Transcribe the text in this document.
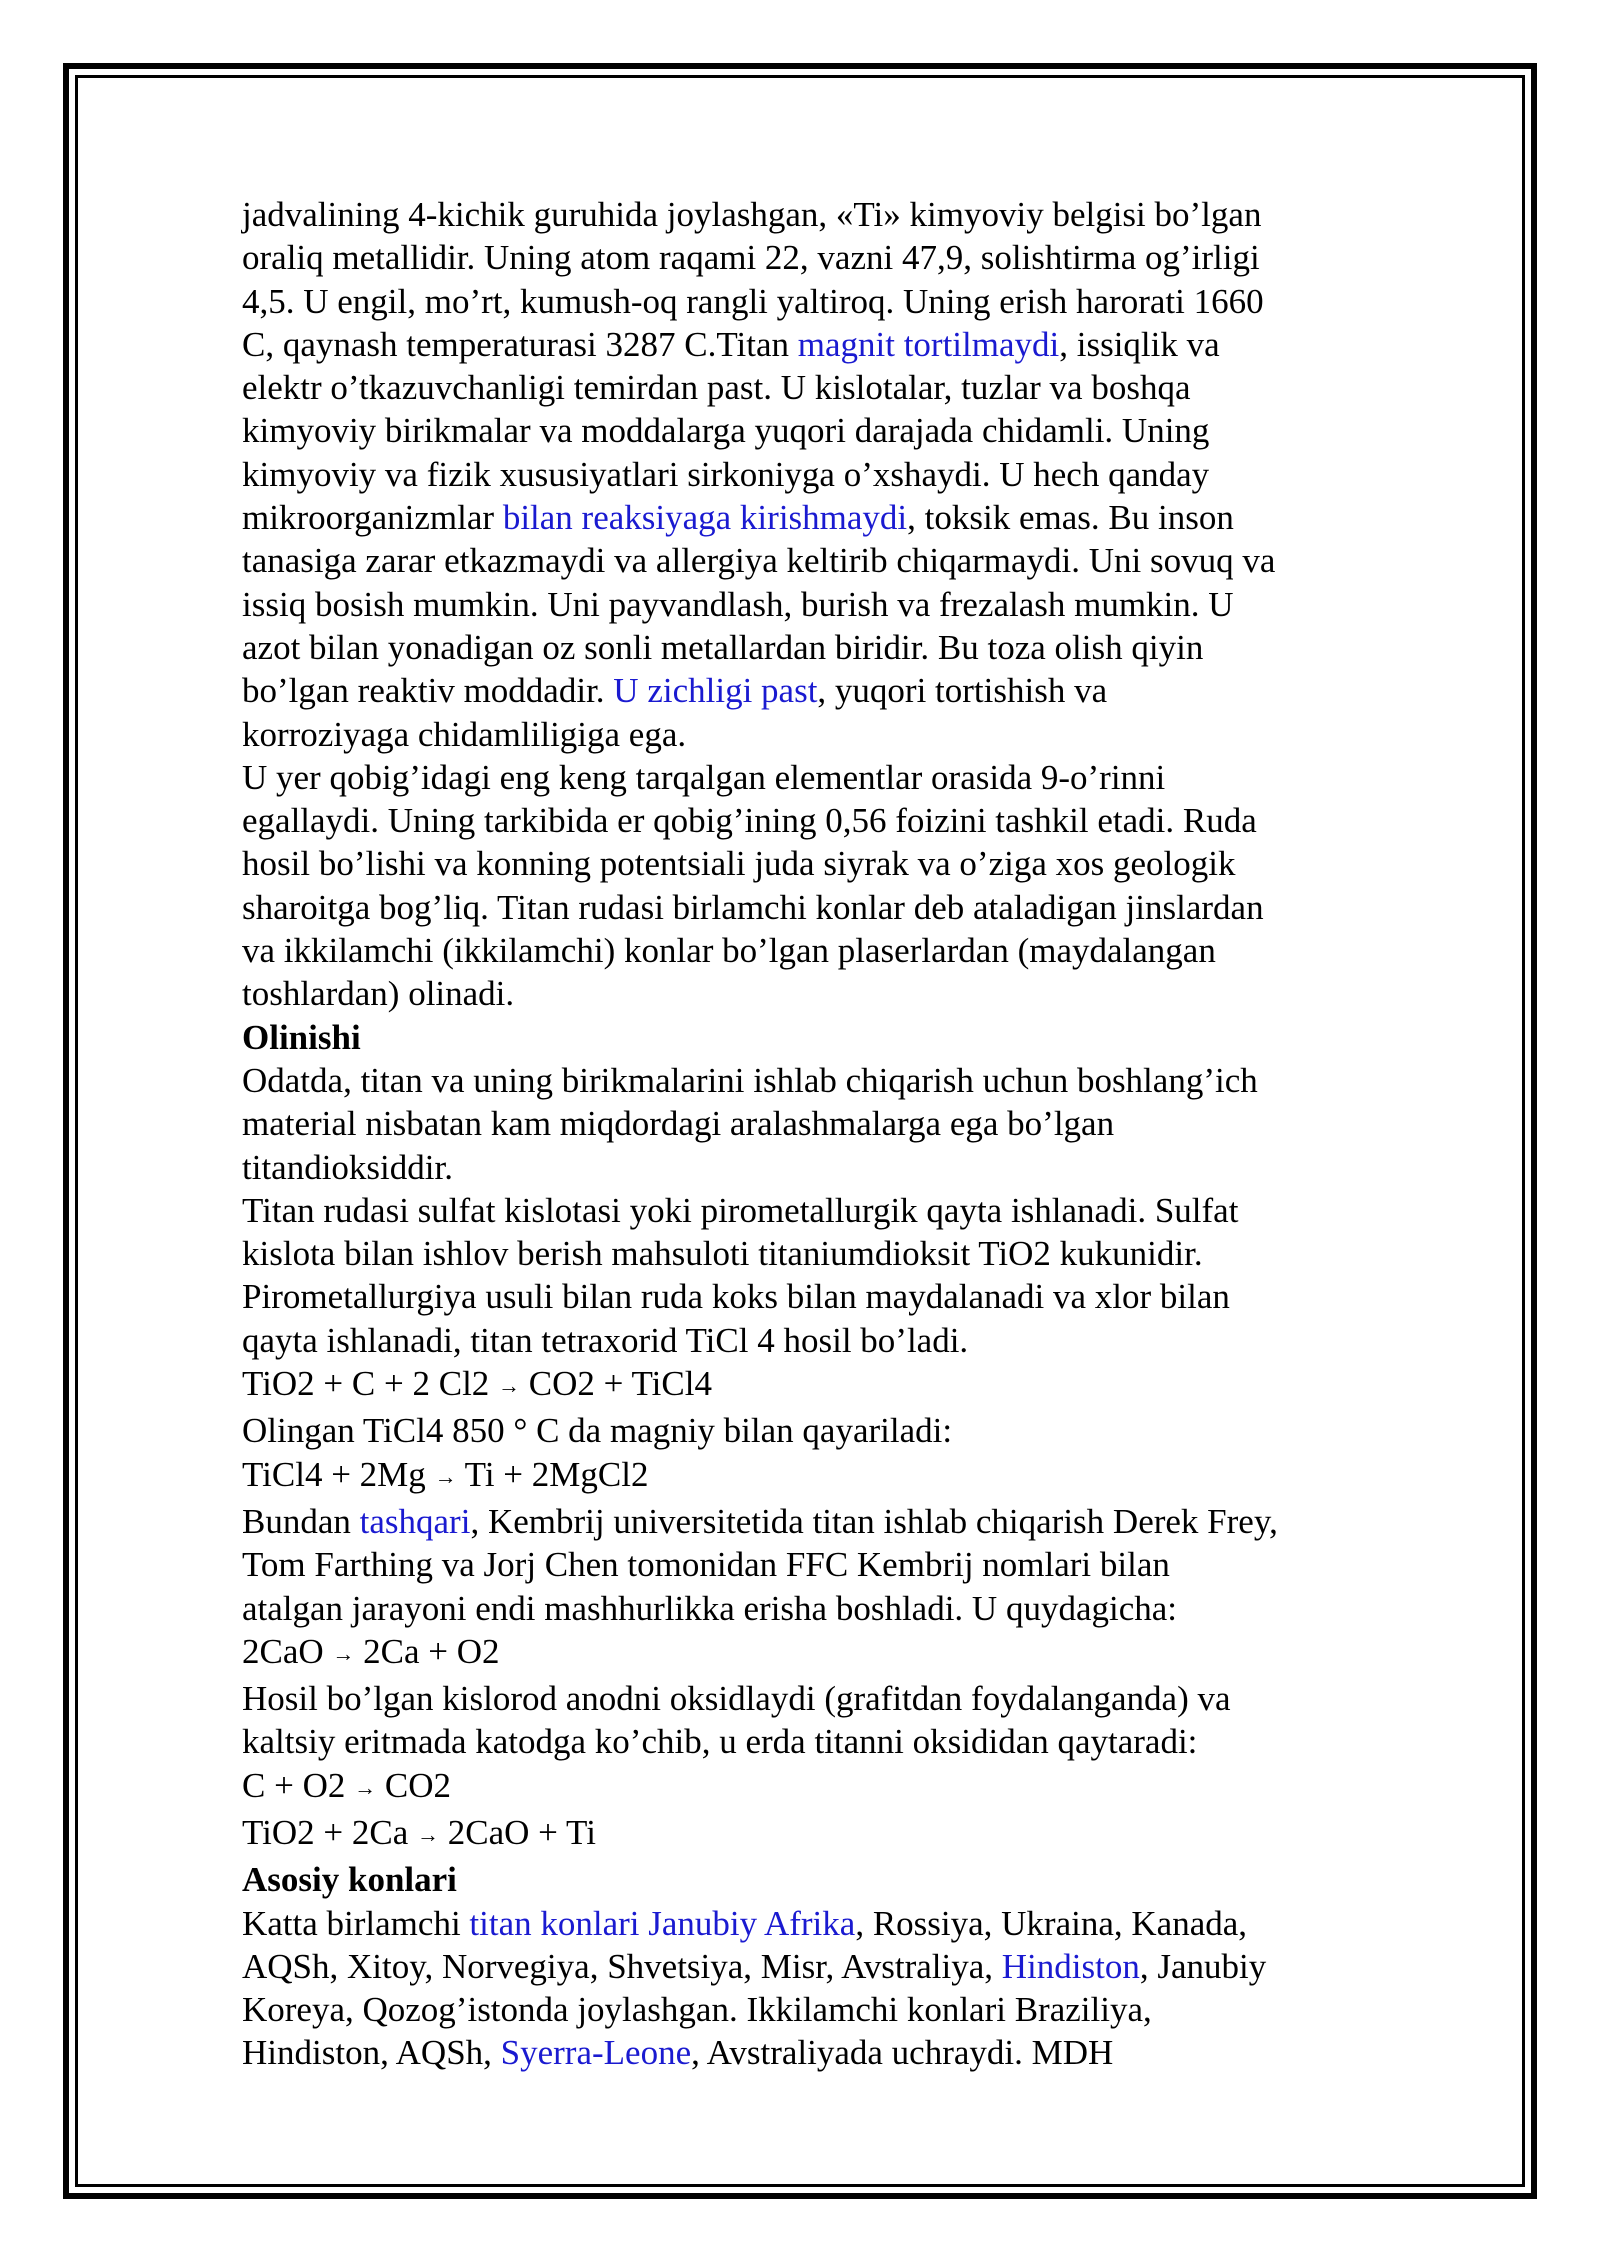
jadvalining 4-kichik guruhida joylashgan, «Ti» kimyoviy belgisi bo’lgan
oraliq metallidir. Uning atom raqami 22, vazni 47,9, solishtirma og’irligi
4,5. U engil, mo’rt, kumush-oq rangli yaltiroq. Uning erish harorati 1660
C, qaynash temperaturasi 3287 C.Titan magnit tortilmaydi, issiqlik va
elektr o’tkazuvchanligi temirdan past. U kislotalar, tuzlar va boshqa
kimyoviy birikmalar va moddalarga yuqori darajada chidamli. Uning
kimyoviy va fizik xususiyatlari sirkoniyga o’xshaydi. U hech qanday
mikroorganizmlar bilan reaksiyaga kirishmaydi, toksik emas. Bu inson
tanasiga zarar etkazmaydi va allergiya keltirib chiqarmaydi. Uni sovuq va
issiq bosish mumkin. Uni payvandlash, burish va frezalash mumkin. U
azot bilan yonadigan oz sonli metallardan biridir. Bu toza olish qiyin
bo’lgan reaktiv moddadir. U zichligi past, yuqori tortishish va
korroziyaga chidamliligiga ega.
U yer qobig’idagi eng keng tarqalgan elementlar orasida 9-o’rinni
egallaydi. Uning tarkibida er qobig’ining 0,56 foizini tashkil etadi. Ruda
hosil bo’lishi va konning potentsiali juda siyrak va o’ziga xos geologik
sharoitga bog’liq. Titan rudasi birlamchi konlar deb ataladigan jinslardan
va ikkilamchi (ikkilamchi) konlar bo’lgan plaserlardan (maydalangan
toshlardan) olinadi.
Olinishi
Odatda, titan va uning birikmalarini ishlab chiqarish uchun boshlang’ich
material nisbatan kam miqdordagi aralashmalarga ega bo’lgan
titandioksiddir.
Titan rudasi sulfat kislotasi yoki pirometallurgik qayta ishlanadi. Sulfat
kislota bilan ishlov berish mahsuloti titaniumdioksit TiO2 kukunidir.
Pirometallurgiya usuli bilan ruda koks bilan maydalanadi va xlor bilan
qayta ishlanadi, titan tetraxorid TiCl 4 hosil bo’ladi.
TiO2 + C + 2 Cl2 → CO2 + TiCl4
Olingan TiCl4 850 ° C da magniy bilan qayariladi:
TiCl4 + 2Mg → Ti + 2MgCl2
Bundan tashqari, Kembrij universitetida titan ishlab chiqarish Derek Frey,
Tom Farthing va Jorj Chen tomonidan FFC Kembrij nomlari bilan
atalgan jarayoni endi mashhurlikka erisha boshladi. U quydagicha:
2CaO → 2Ca + O2
Hosil bo’lgan kislorod anodni oksidlaydi (grafitdan foydalanganda) va
kaltsiy eritmada katodga ko’chib, u erda titanni oksididan qaytaradi:
C + O2 → CO2
TiO2 + 2Ca → 2CaO + Ti
Asosiy konlari
Katta birlamchi titan konlari Janubiy Afrika, Rossiya, Ukraina, Kanada,
AQSh, Xitoy, Norvegiya, Shvetsiya, Misr, Avstraliya, Hindiston, Janubiy
Koreya, Qozog’istonda joylashgan. Ikkilamchi konlari Braziliya,
Hindiston, AQSh, Syerra-Leone, Avstraliyada uchraydi. MDH
